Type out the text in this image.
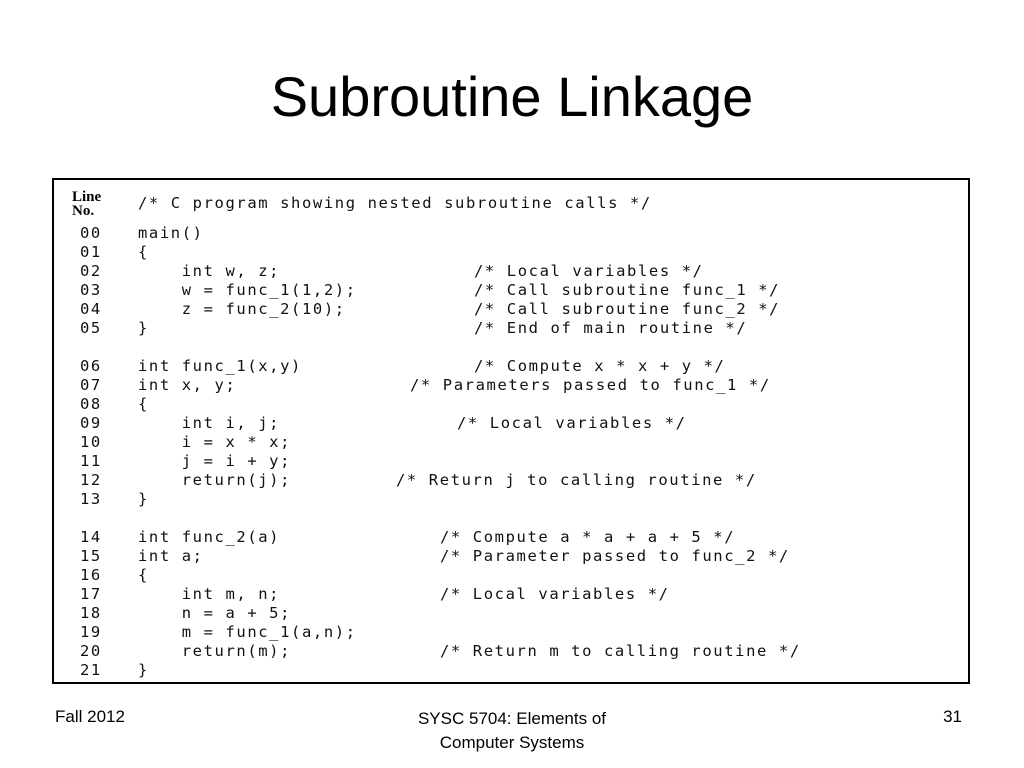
Subroutine Linkage
Line
No.	/* C program showing nested subroutine calls */
00 main()
01 {
02 int w, z;	/* Local variables */
03 w = func_1(1,2);	/* Call subroutine func_1 */
04 z = func_2(10);	/* Call subroutine func_2 */
05 }	/* End of main routine */
06 int func_1(x,y)	/* Compute x * x + y */
07 int x, y;	/* Parameters passed to func_1 */
08 {
09 int i, j;	/* Local variables */
10 i = x * x;
11 j = i + y;
12 return(j);	/* Return j to calling routine */
13 }
14 int func_2(a)	/* Compute a * a + a + 5 */
15 int a;	/* Parameter passed to func_2 */
16 {
17 int m, n;	/* Local variables */
18 n = a + 5;
19 m = func_1(a,n);
20 return(m);	/* Return m to calling routine */
21 }
Fall 2012	SYSC 5704: Elements of
Computer Systems
31
